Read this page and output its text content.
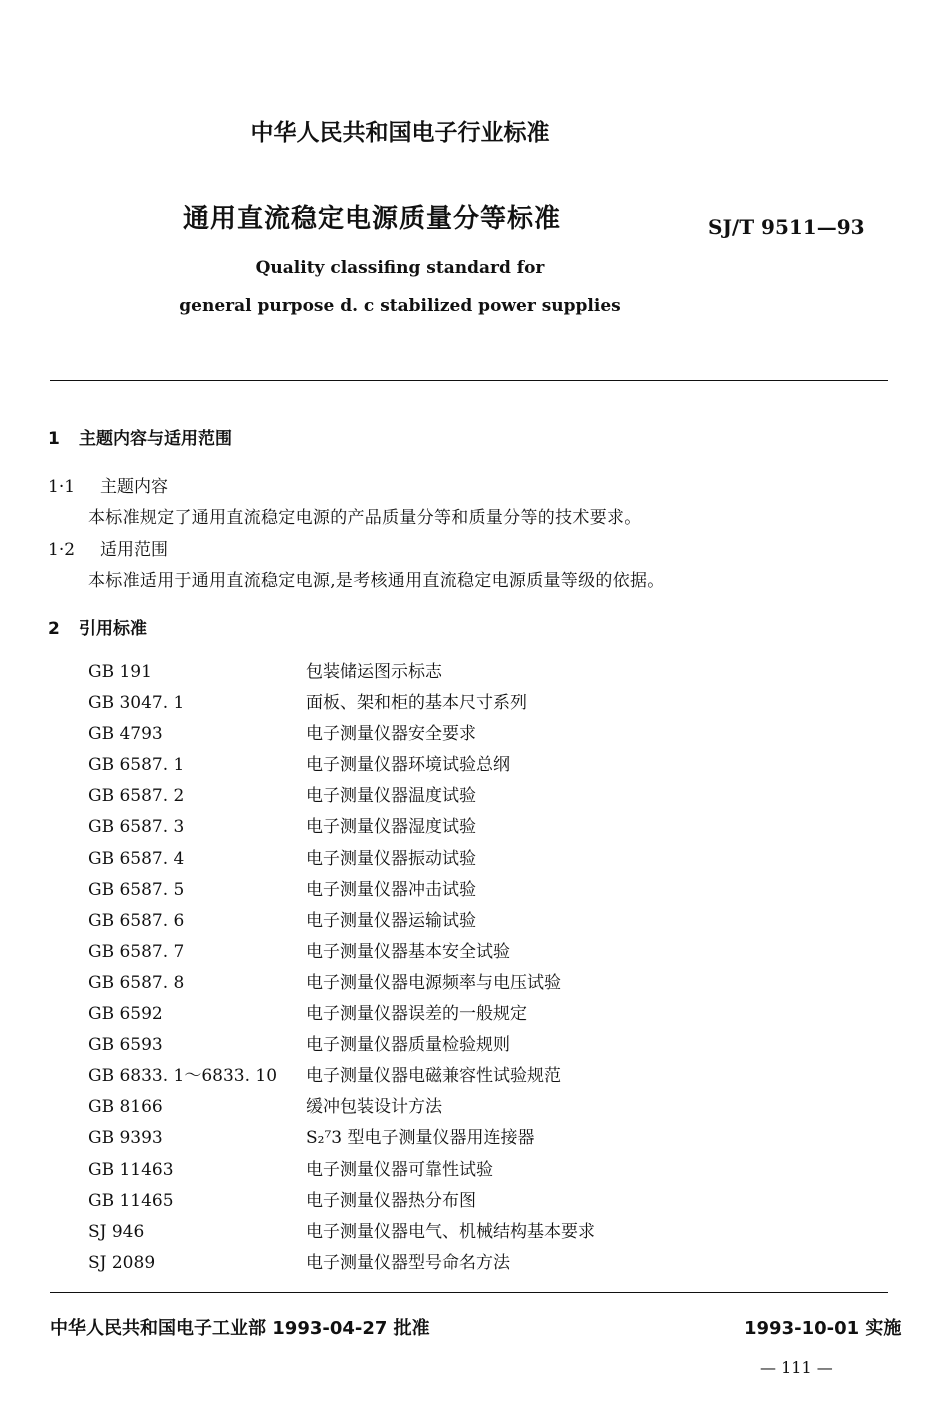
中华人民共和国电子行业标准
通用直流稳定电源质量分等标准	SJ/T 9511—93
Quality classifing standard for
general purpose d. c stabilized power supplies
1 主题内容与适用范围
1·1 主题内容
本标准规定了通用直流稳定电源的产品质量分等和质量分等的技术要求。
1·2 适用范围
本标准适用于通用直流稳定电源,是考核通用直流稳定电源质量等级的依据。
2 引用标准
GB 191	包装储运图示标志
GB 3047. 1	面板、架和柜的基本尺寸系列
GB 4793	电子测量仪器安全要求
GB 6587. 1	电子测量仪器环境试验总纲
GB 6587. 2	电子测量仪器温度试验
GB 6587. 3	电子测量仪器湿度试验
GB 6587. 4	电子测量仪器振动试验
GB 6587. 5	电子测量仪器冲击试验
GB 6587. 6	电子测量仪器运输试验
GB 6587. 7	电子测量仪器基本安全试验
GB 6587. 8	电子测量仪器电源频率与电压试验
GB 6592	电子测量仪器误差的一般规定
GB 6593	电子测量仪器质量检验规则
GB 6833. 1～6833. 10 电子测量仪器电磁兼容性试验规范
GB 8166	缓冲包装设计方法
GB 9393	S₂⁷3 型电子测量仪器用连接器
GB 11463	电子测量仪器可靠性试验
GB 11465	电子测量仪器热分布图
SJ 946	电子测量仪器电气、机械结构基本要求
SJ 2089	电子测量仪器型号命名方法
中华人民共和国电子工业部 1993-04-27 批准	1993-10-01 实施
— 111 —
